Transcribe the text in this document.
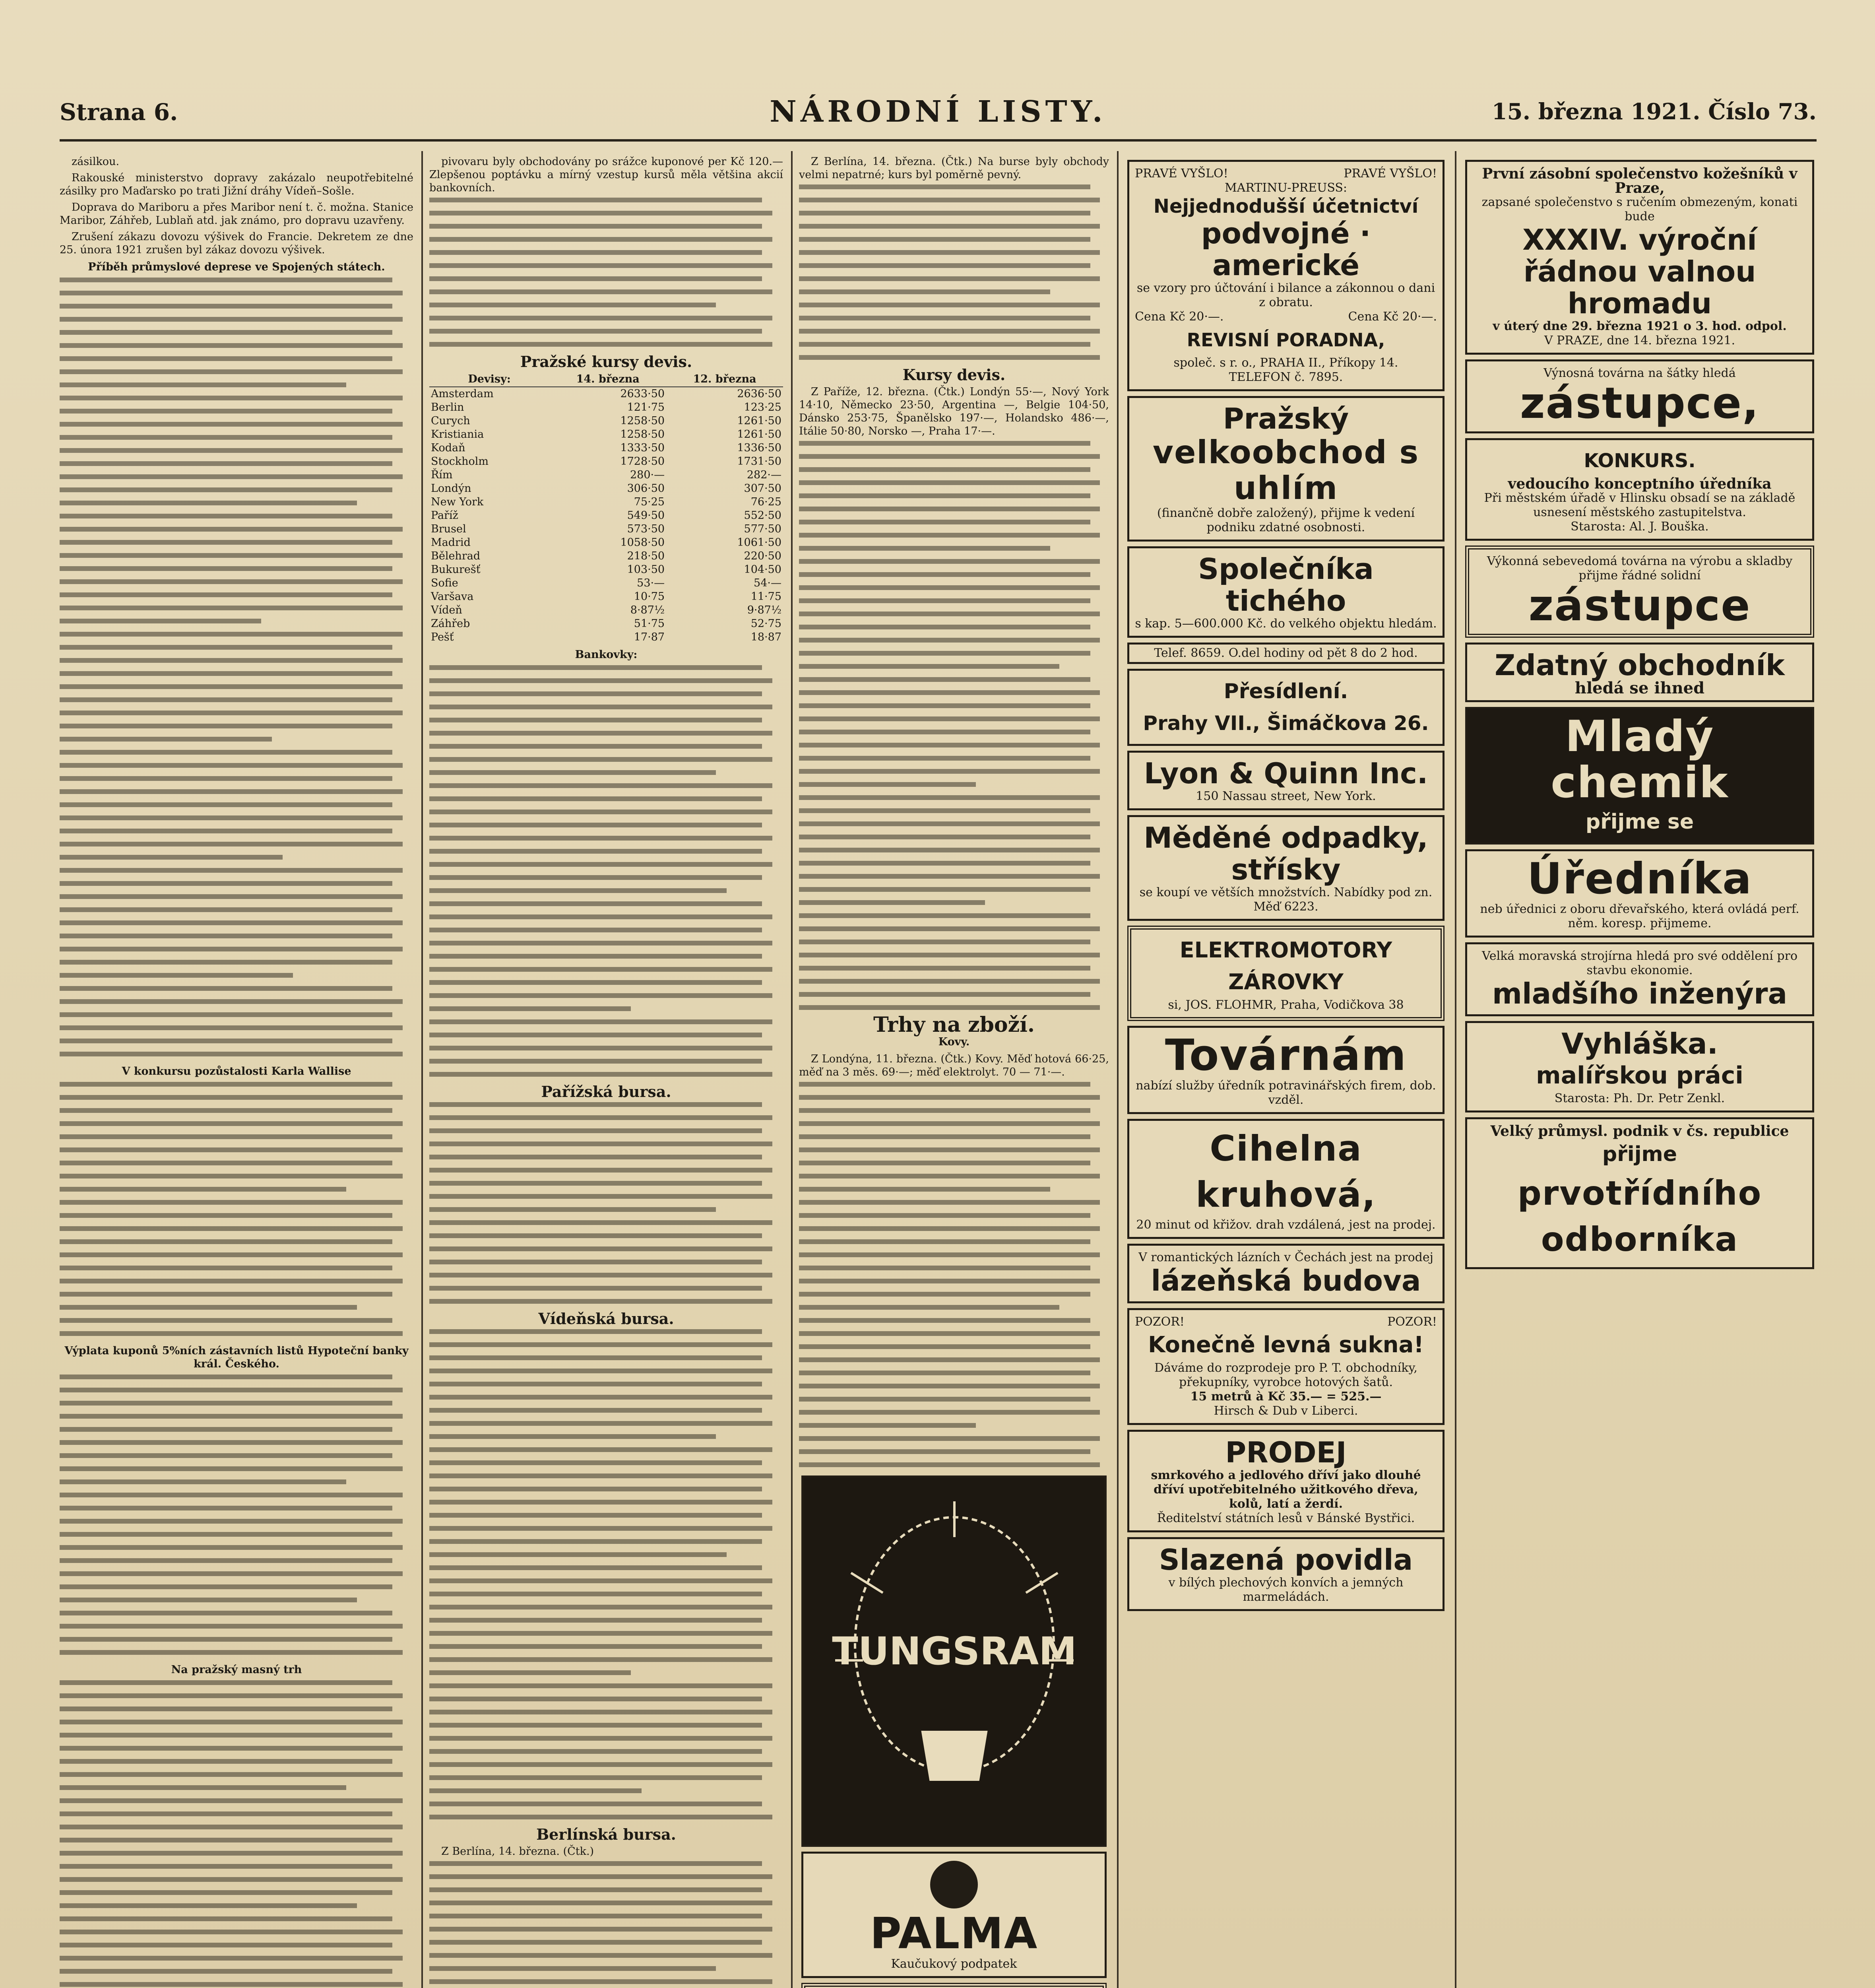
Strana 6.	NÁRODNÍ LISTY.	15. března 1921. Číslo 73.

zásilkou.

Rakouské ministerstvo dopravy zakázalo neupotřebitelné zásilky pro Maďarsko po trati Jižní dráhy Vídeň–Sošle.

Doprava do Mariboru a přes Maribor není t. č. možna. Stanice Maribor, Záhřeb, Lublaň atd. jak známo, pro dopravu uzavřeny.

Zrušení zákazu dovozu výšivek do Francie. Dekretem ze dne 25. února 1921 zrušen byl zákaz dovozu výšivek.

Příběh průmyslové deprese ve Spojených státech.
V konkursu pozůstalosti Karla Wallise
Výplata kuponů 5%ních zástavních listů Hypoteční banky král. Českého.
Na pražský masný trh

pivovaru byly obchodovány po srážce kuponové per Kč 120.— Zlepšenou poptávku a mírný vzestup kursů měla většina akcií bankovních.

Pražské kursy devis.
Devisy:	14. března	12. března
Amsterdam	2633·50	2636·50
Berlin	121·75	123·25
Curych	1258·50	1261·50
Kristiania	1258·50	1261·50
Kodaň	1333·50	1336·50
Stockholm	1728·50	1731·50
Řím	280·—	282·—
Londýn	306·50	307·50
New York	75·25	76·25
Paříž	549·50	552·50
Brusel	573·50	577·50
Madrid	1058·50	1061·50
Bělehrad	218·50	220·50
Bukurešť	103·50	104·50
Sofie	53·—	54·—
Varšava	10·75	11·75
Vídeň	8·87½	9·87½
Záhřeb	51·75	52·75
Pešť	17·87	18·87
Bankovky:
Pařížská bursa.
Vídeňská bursa.
Berlínská bursa.

Z Berlína, 14. března. (Čtk.)

Z Berlína, 14. března. (Čtk.) Na burse byly obchody velmi nepatrné; kurs byl poměrně pevný.

Kursy devis.

Z Paříže, 12. března. (Čtk.) Londýn 55·—, Nový York 14·10, Německo 23·50, Argentina —, Belgie 104·50, Dánsko 253·75, Španělsko 197·—, Holandsko 486·—, Itálie 50·80, Norsko —, Praha 17·—.

Trhy na zboží.
Kovy.

Z Londýna, 11. března. (Čtk.) Kovy. Měď hotová 66·25, měď na 3 měs. 69·—; měď elektrolyt. 70 — 71·—.

TUNGSRAM
PALMA
Kaučukový podpatek
PRAVÉ VYŠLO!	PRAVÉ VYŠLO!
MARTINU-PREUSS:
Nejjednodušší účetnictví
podvojné · americké
se vzory pro účtování i bilance a zákonnou o dani z obratu.
Cena Kč 20·—.	Cena Kč 20·—.
REVISNÍ PORADNA,
společ. s r. o., PRAHA II., Příkopy 14.
TELEFON č. 7895.
Pražský
velkoobchod s uhlím
(finančně dobře založený), přijme k vedení podniku zdatné osobnosti.
Společníka tichého
s kap. 5—600.000 Kč. do velkého objektu hledám.
Telef. 8659. O.del hodiny od pět 8 do 2 hod.
Přesídlení.
Prahy VII., Šimáčkova 26.
Lyon & Quinn Inc.
150 Nassau street, New York.
Měděné odpadky, střísky
se koupí ve větších množstvích. Nabídky pod zn. Měď 6223.
ELEKTROMOTORY ZÁROVKY
si, JOS. FLOHMR, Praha, Vodičkova 38
Továrnám
nabízí služby úředník potravinářských firem, dob. vzděl.
Cihelna kruhová,
20 minut od křižov. drah vzdálená, jest na prodej.
V romantických lázních v Čechách jest na prodej
lázeňská budova
POZOR!	POZOR!
Konečně levná sukna!
Dáváme do rozprodeje pro P. T. obchodníky, překupníky, vyrobce hotových šatů.
15 metrů à Kč 35.— = 525.—
Hirsch & Dub v Liberci.
PRODEJ
smrkového a jedlového dříví jako dlouhé dříví upotřebitelného užitkového dřeva, kolů, latí a žerdí.
Ředitelství státních lesů v Bánské Bystřici.
Slazená povidla
v bílých plechových konvích a jemných marmeládách.
První zásobní společenstvo kožešníků v Praze,
zapsané společenstvo s ručením obmezeným, konati bude
XXXIV. výroční řádnou valnou hromadu
v úterý dne 29. března 1921 o 3. hod. odpol.
V PRAZE, dne 14. března 1921.
Výnosná továrna na šátky hledá
zástupce,
KONKURS.
vedoucího konceptního úředníka
Při městském úřadě v Hlinsku obsadí se na základě usnesení městského zastupitelstva.
Starosta: Al. J. Bouška.
Výkonná sebevedomá továrna na výrobu a skladby přijme řádné solidní
zástupce
Zdatný obchodník
hledá se ihned
Mladý chemik
přijme se
Úředníka
neb úřednici z oboru dřevařského, která ovládá perf. něm. koresp. přijmeme.
Velká moravská strojírna hledá pro své oddělení pro stavbu ekonomie.
mladšího inženýra
Vyhláška.
malířskou práci
Starosta: Ph. Dr. Petr Zenkl.
Velký průmysl. podnik v čs. republice
přijme
prvotřídního odborníka
